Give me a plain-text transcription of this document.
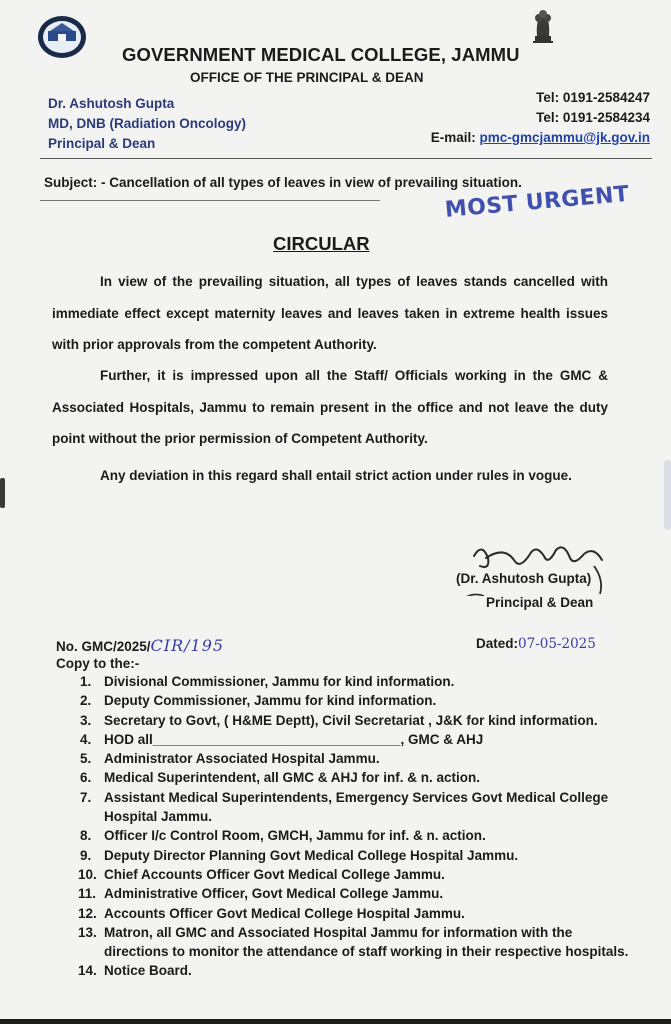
GOVERNMENT MEDICAL COLLEGE, JAMMU
OFFICE OF THE PRINCIPAL & DEAN
Dr. Ashutosh Gupta
MD, DNB (Radiation Oncology)
Principal & Dean
Tel: 0191-2584247
Tel: 0191-2584234
E-mail: pmc-gmcjammu@jk.gov.in
Subject: - Cancellation of all types of leaves in view of prevailing situation.
MOST URGENT
CIRCULAR
In view of the prevailing situation, all types of leaves stands cancelled with immediate effect except maternity leaves and leaves taken in extreme health issues with prior approvals from the competent Authority.
Further, it is impressed upon all the Staff/ Officials working in the GMC & Associated Hospitals, Jammu to remain present in the office and not leave the duty point without the prior permission of Competent Authority.
Any deviation in this regard shall entail strict action under rules in vogue.
(Dr. Ashutosh Gupta)
Principal & Dean
No. GMC/2025/CIR/195	Dated:07-05-2025
Copy to the:-
1. Divisional Commissioner, Jammu for kind information.
2. Deputy Commissioner, Jammu for kind information.
3. Secretary to Govt, ( H&ME Deptt), Civil Secretariat , J&K for kind information.
4. HOD all_________________________________, GMC & AHJ
5. Administrator Associated Hospital Jammu.
6. Medical Superintendent, all GMC & AHJ for inf. & n. action.
7. Assistant Medical Superintendents, Emergency Services Govt Medical College Hospital Jammu.
8. Officer I/c Control Room, GMCH, Jammu for inf. & n. action.
9. Deputy Director Planning Govt Medical College Hospital Jammu.
10. Chief Accounts Officer Govt Medical College Jammu.
11. Administrative Officer, Govt Medical College Jammu.
12. Accounts Officer Govt Medical College Hospital Jammu.
13. Matron, all GMC and Associated Hospital Jammu for information with the directions to monitor the attendance of staff working in their respective hospitals.
14. Notice Board.
